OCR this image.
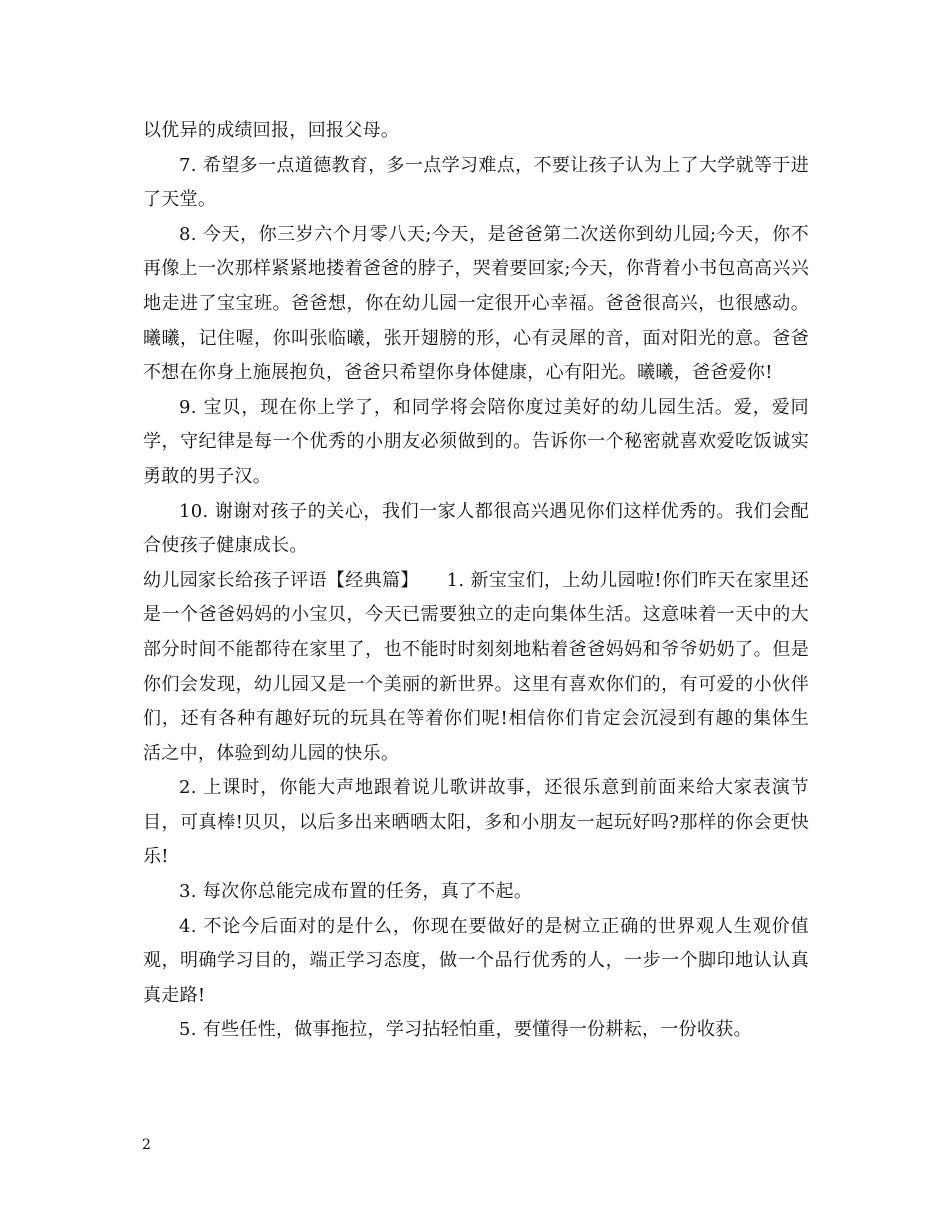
以优异的成绩回报，回报父母。

7. 希望多一点道德教育，多一点学习难点，不要让孩子认为上了大学就等于进了天堂。

8. 今天，你三岁六个月零八天;今天，是爸爸第二次送你到幼儿园;今天，你不再像上一次那样紧紧地搂着爸爸的脖子，哭着要回家;今天，你背着小书包高高兴兴地走进了宝宝班。爸爸想，你在幼儿园一定很开心幸福。爸爸很高兴，也很感动。曦曦，记住喔，你叫张临曦，张开翅膀的形，心有灵犀的音，面对阳光的意。爸爸不想在你身上施展抱负，爸爸只希望你身体健康，心有阳光。曦曦，爸爸爱你!

9. 宝贝，现在你上学了，和同学将会陪你度过美好的幼儿园生活。爱，爱同学，守纪律是每一个优秀的小朋友必须做到的。告诉你一个秘密就喜欢爱吃饭诚实勇敢的男子汉。

10. 谢谢对孩子的关心，我们一家人都很高兴遇见你们这样优秀的。我们会配合使孩子健康成长。

幼儿园家长给孩子评语【经典篇】　　1. 新宝宝们，上幼儿园啦!你们昨天在家里还是一个爸爸妈妈的小宝贝，今天已需要独立的走向集体生活。这意味着一天中的大部分时间不能都待在家里了，也不能时时刻刻地粘着爸爸妈妈和爷爷奶奶了。但是你们会发现，幼儿园又是一个美丽的新世界。这里有喜欢你们的，有可爱的小伙伴们，还有各种有趣好玩的玩具在等着你们呢!相信你们肯定会沉浸到有趣的集体生活之中，体验到幼儿园的快乐。

2. 上课时，你能大声地跟着说儿歌讲故事，还很乐意到前面来给大家表演节目，可真棒!贝贝，以后多出来晒晒太阳，多和小朋友一起玩好吗?那样的你会更快乐!

3. 每次你总能完成布置的任务，真了不起。

4. 不论今后面对的是什么，你现在要做好的是树立正确的世界观人生观价值观，明确学习目的，端正学习态度，做一个品行优秀的人，一步一个脚印地认认真真走路!

5. 有些任性，做事拖拉，学习拈轻怕重，要懂得一份耕耘，一份收获。

2
